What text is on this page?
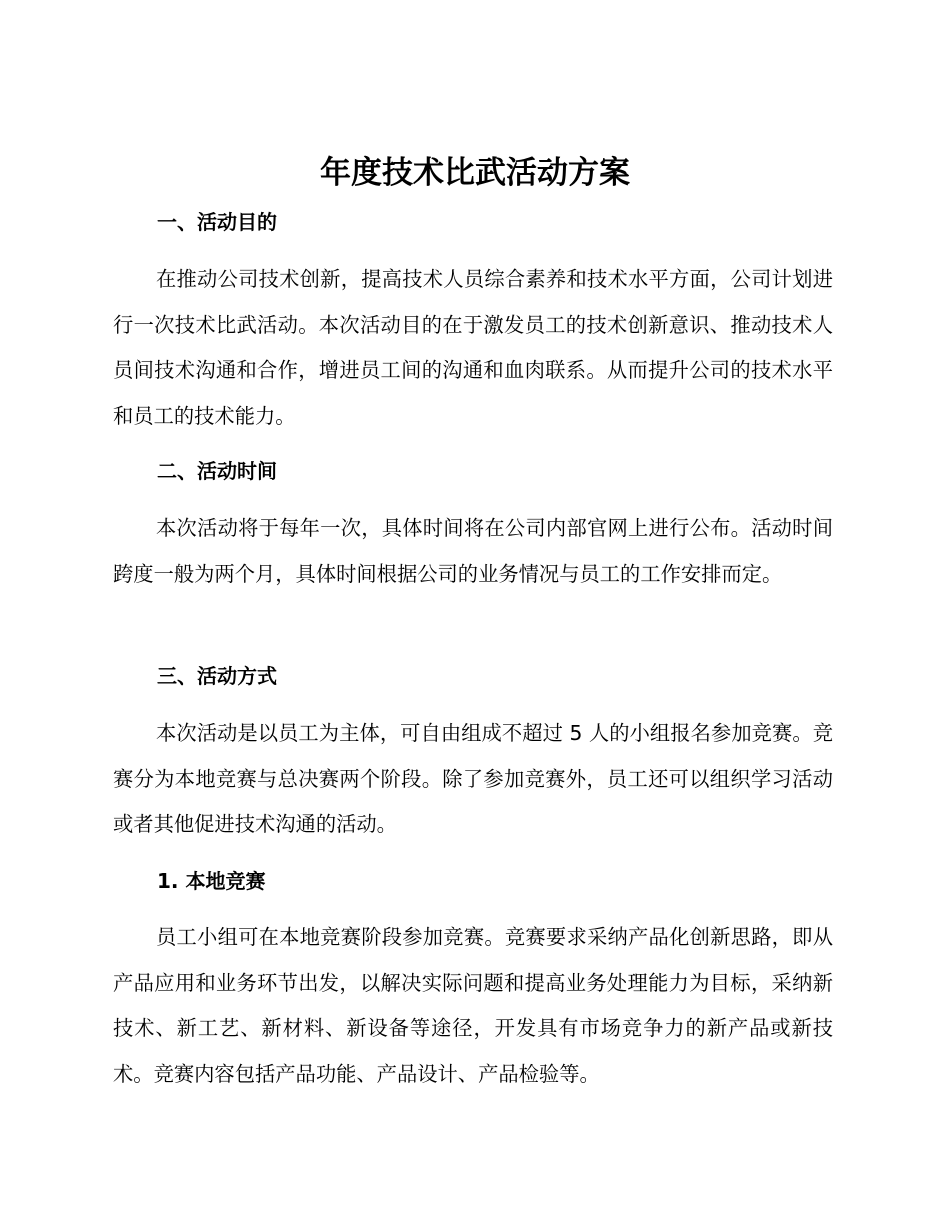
年度技术比武活动方案
一、活动目的

在推动公司技术创新，提高技术人员综合素养和技术水平方面，公司计划进行一次技术比武活动。本次活动目的在于激发员工的技术创新意识、推动技术人员间技术沟通和合作，增进员工间的沟通和血肉联系。从而提升公司的技术水平和员工的技术能力。

二、活动时间

本次活动将于每年一次，具体时间将在公司内部官网上进行公布。活动时间跨度一般为两个月，具体时间根据公司的业务情况与员工的工作安排而定。

三、活动方式

本次活动是以员工为主体，可自由组成不超过 5 人的小组报名参加竞赛。竞赛分为本地竞赛与总决赛两个阶段。除了参加竞赛外，员工还可以组织学习活动或者其他促进技术沟通的活动。

1. 本地竞赛

员工小组可在本地竞赛阶段参加竞赛。竞赛要求采纳产品化创新思路，即从产品应用和业务环节出发，以解决实际问题和提高业务处理能力为目标，采纳新技术、新工艺、新材料、新设备等途径，开发具有市场竞争力的新产品或新技术。竞赛内容包括产品功能、产品设计、产品检验等。
